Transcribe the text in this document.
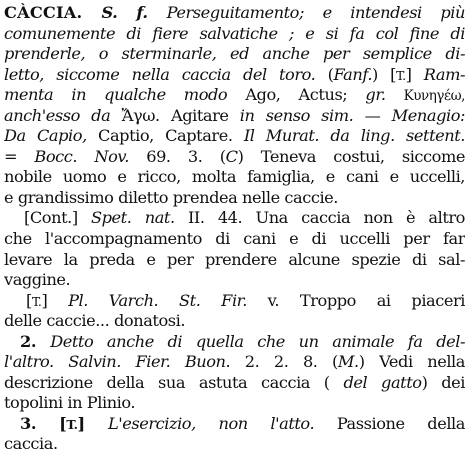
CÀCCIA. S. f. Perseguitamento; e intendesi più
comunemente di fiere salvatiche ; e si fa col fine di
prenderle, o sterminarle, ed anche per semplice di-
letto, siccome nella caccia del toro. (Fanf.) [T.] Ram-
menta in qualche modo Ago, Actus; gr. Κυνηγέω,
anch'esso da Ἄγω. Agitare in senso sim. — Menagio:
Da Capio, Captio, Captare. Il Murat. da ling. settent.
= Bocc. Nov. 69. 3. (C) Teneva costui, siccome
nobile uomo e ricco, molta famiglia, e cani e uccelli,
e grandissimo diletto prendea nelle caccie.
[Cont.] Spet. nat. II. 44. Una caccia non è altro
che l'accompagnamento di cani e di uccelli per far
levare la preda e per prendere alcune spezie di sal-
vaggine.
[T.] Pl. Varch. St. Fir. v. Troppo ai piaceri
delle caccie... donatosi.
2. Detto anche di quella che un animale fa del-
l'altro. Salvin. Fier. Buon. 2. 2. 8. (M.) Vedi nella
descrizione della sua astuta caccia ( del gatto) dei
topolini in Plinio.
3. [T.] L'esercizio, non l'atto. Passione della
caccia.
